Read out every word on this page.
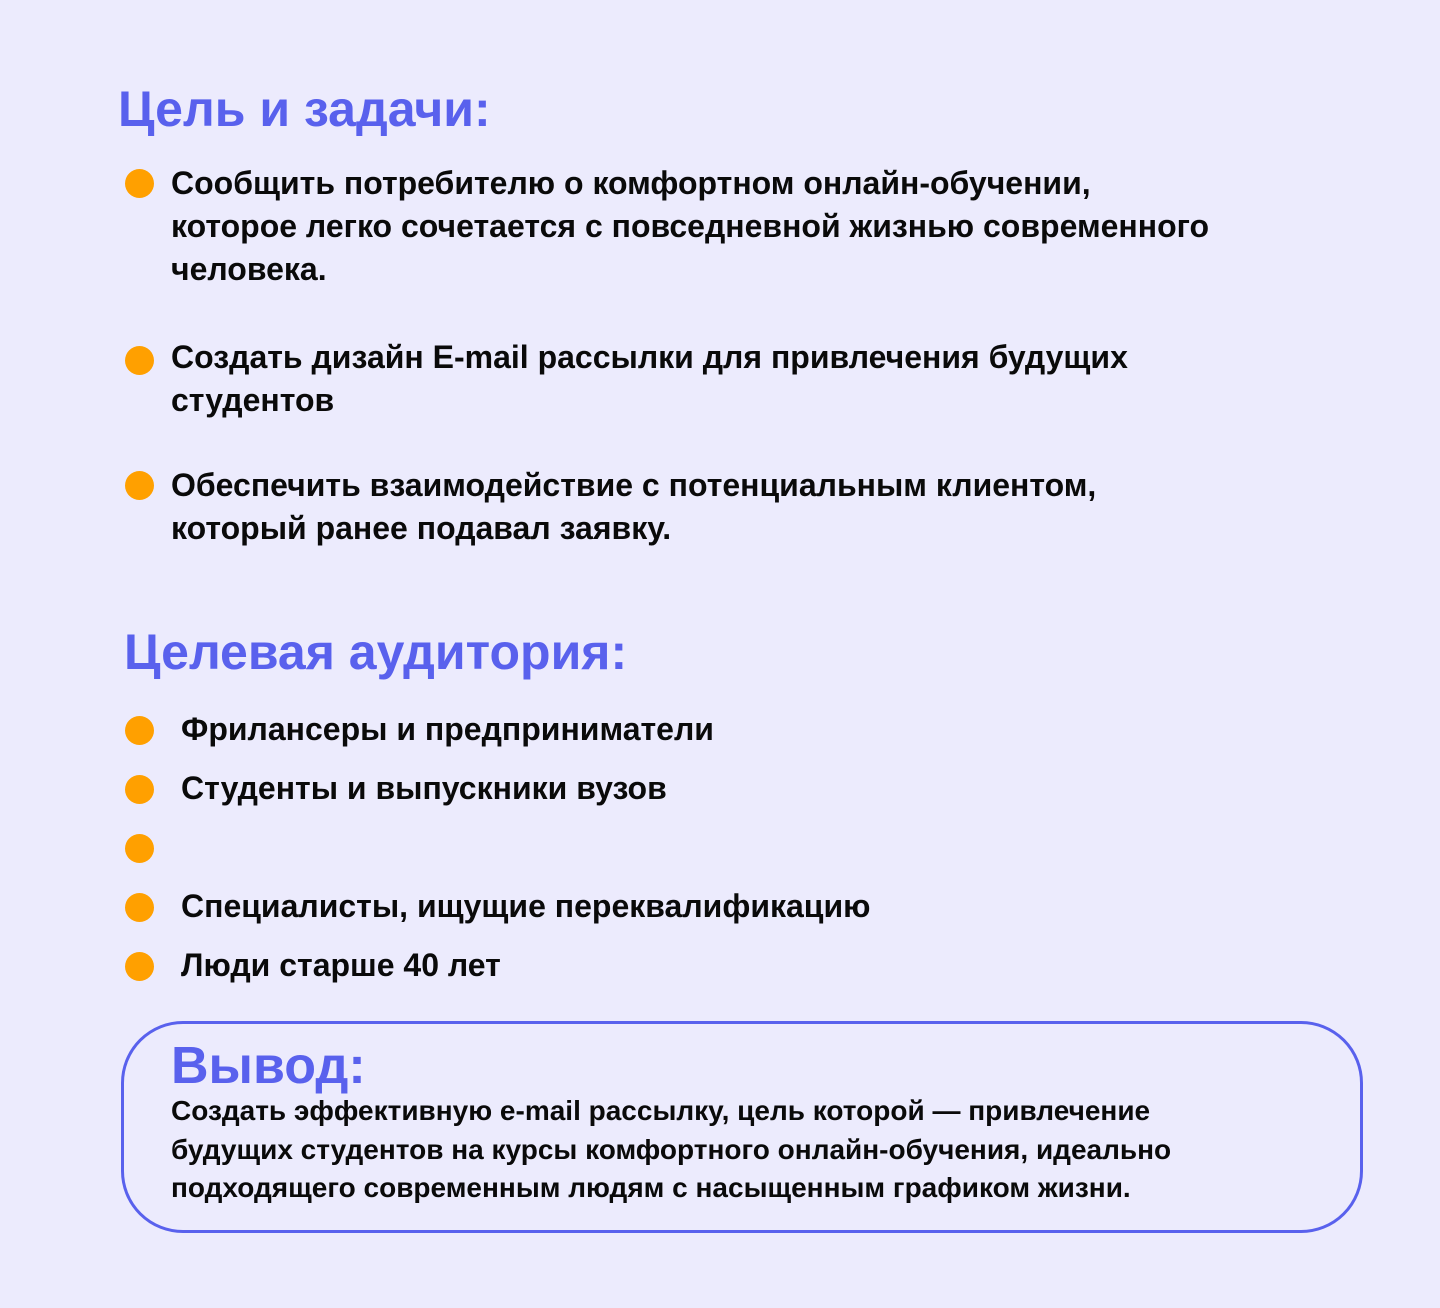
Цель и задачи:
Сообщить потребителю о комфортном онлайн-обучении,
которое легко сочетается с повседневной жизнью современного
человека.
Создать дизайн E-mail рассылки для привлечения будущих
студентов
Обеспечить взаимодействие с потенциальным клиентом,
который ранее подавал заявку.
Целевая аудитория:
Фрилансеры и предприниматели
Студенты и выпускники вузов
Специалисты, ищущие переквалификацию
Люди старше 40 лет
Вывод:
Создать эффективную e-mail рассылку, цель которой — привлечение
будущих студентов на курсы комфортного онлайн-обучения, идеально
подходящего современным людям с насыщенным графиком жизни.
